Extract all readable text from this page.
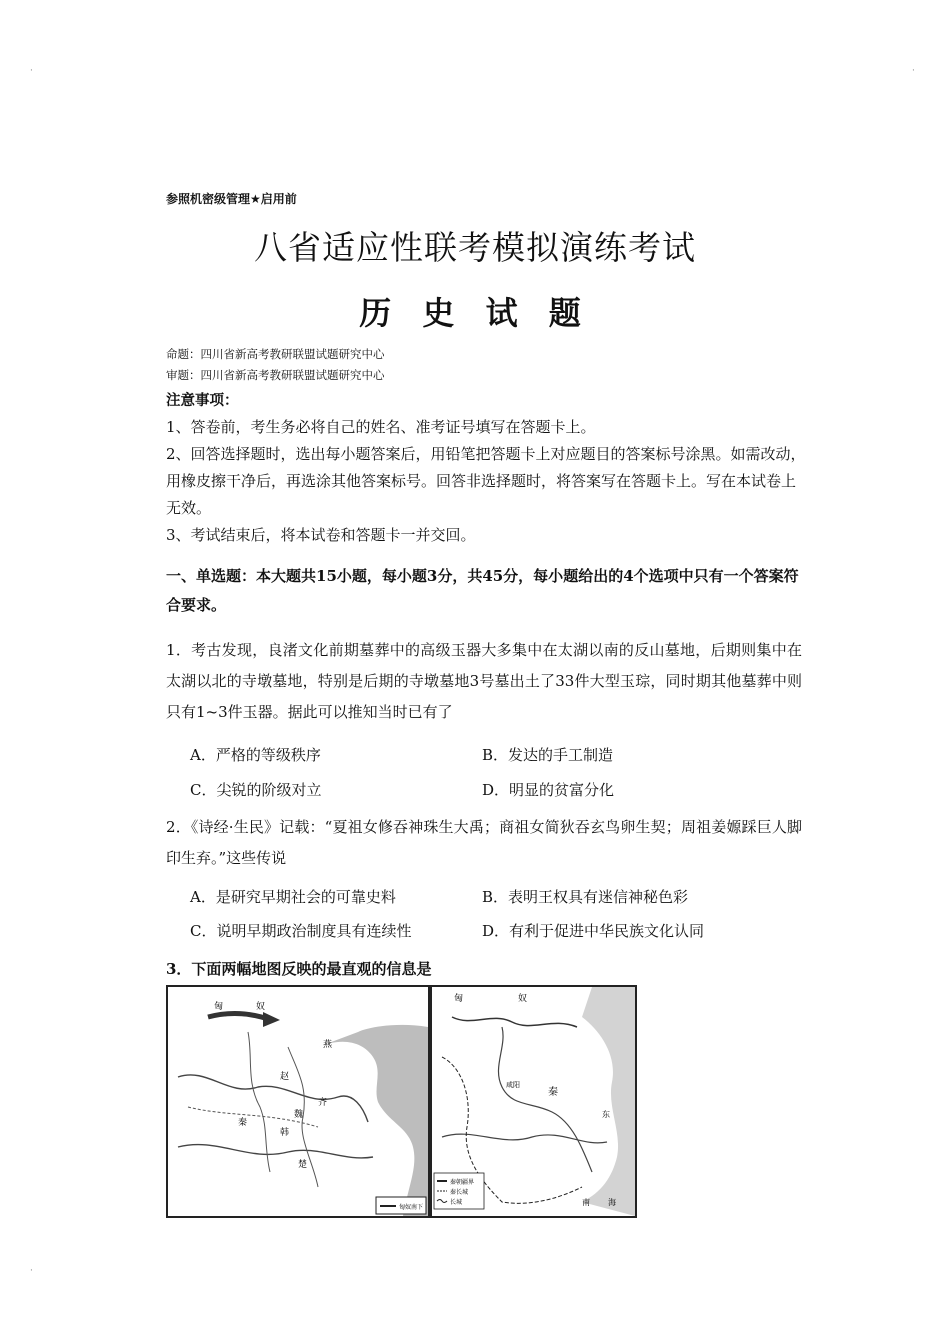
·	·
·
参照机密级管理★启用前
八省适应性联考模拟演练考试
历 史 试 题
命题：四川省新高考教研联盟试题研究中心
审题：四川省新高考教研联盟试题研究中心
注意事项：
1、答卷前，考生务必将自己的姓名、准考证号填写在答题卡上。
2、回答选择题时，选出每小题答案后，用铅笔把答题卡上对应题目的答案标号涂黑。如需改动，用橡皮擦干净后，再选涂其他答案标号。回答非选择题时，将答案写在答题卡上。写在本试卷上无效。
3、考试结束后，将本试卷和答题卡一并交回。
一、单选题：本大题共15小题，每小题3分，共45分，每小题给出的4个选项中只有一个答案符合要求。
1．考古发现，良渚文化前期墓葬中的高级玉器大多集中在太湖以南的反山墓地，后期则集中在太湖以北的寺墩墓地，特别是后期的寺墩墓地3号墓出土了33件大型玉琮，同时期其他墓葬中则只有1~3件玉器。据此可以推知当时已有了
A．严格的等级秩序	B．发达的手工制造
C．尖锐的阶级对立	D．明显的贫富分化
2．《诗经·生民》记载：“夏祖女修吞神珠生大禹；商祖女简狄吞玄鸟卵生契；周祖姜嫄踩巨人脚印生弃。”这些传说
A．是研究早期社会的可靠史料	B．表明王权具有迷信神秘色彩
C．说明早期政治制度具有连续性	D．有利于促进中华民族文化认同
3．下面两幅地图反映的最直观的信息是
匈	奴
燕
赵
齐
魏
秦
韩
楚
匈奴南下
匈	奴
秦
咸阳
东
南 海
秦朝疆界
秦长城
长城
